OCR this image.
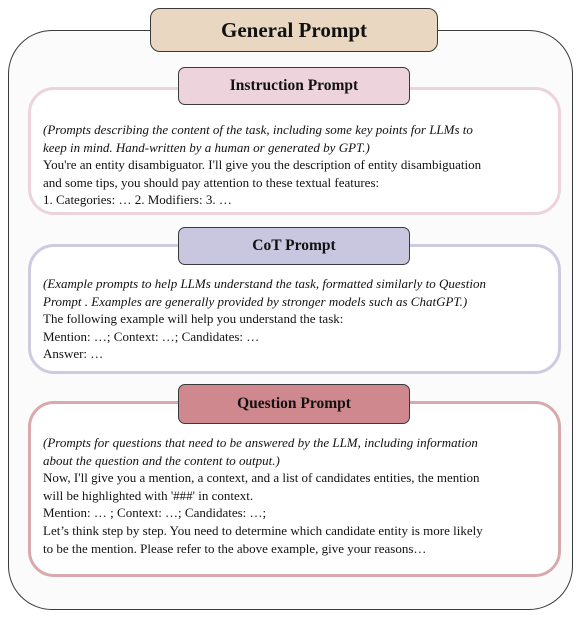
General Prompt
(Prompts describing the content of the task, including some key points for LLMs to
keep in mind. Hand-written by a human or generated by GPT.)
You're an entity disambiguator. I'll give you the description of entity disambiguation
and some tips, you should pay attention to these textual features:
1. Categories: … 2. Modifiers: 3. …
Instruction Prompt
(Example prompts to help LLMs understand the task, formatted similarly to Question
Prompt . Examples are generally provided by stronger models such as ChatGPT.)
The following example will help you understand the task:
Mention: …; Context: …; Candidates: …
Answer: …
CoT Prompt
(Prompts for questions that need to be answered by the LLM, including information
about the question and the content to output.)
Now, I'll give you a mention, a context, and a list of candidates entities, the mention
will be highlighted with '###' in context.
Mention: … ; Context: …; Candidates: …;
Let’s think step by step. You need to determine which candidate entity is more likely
to be the mention. Please refer to the above example, give your reasons…
Question Prompt
